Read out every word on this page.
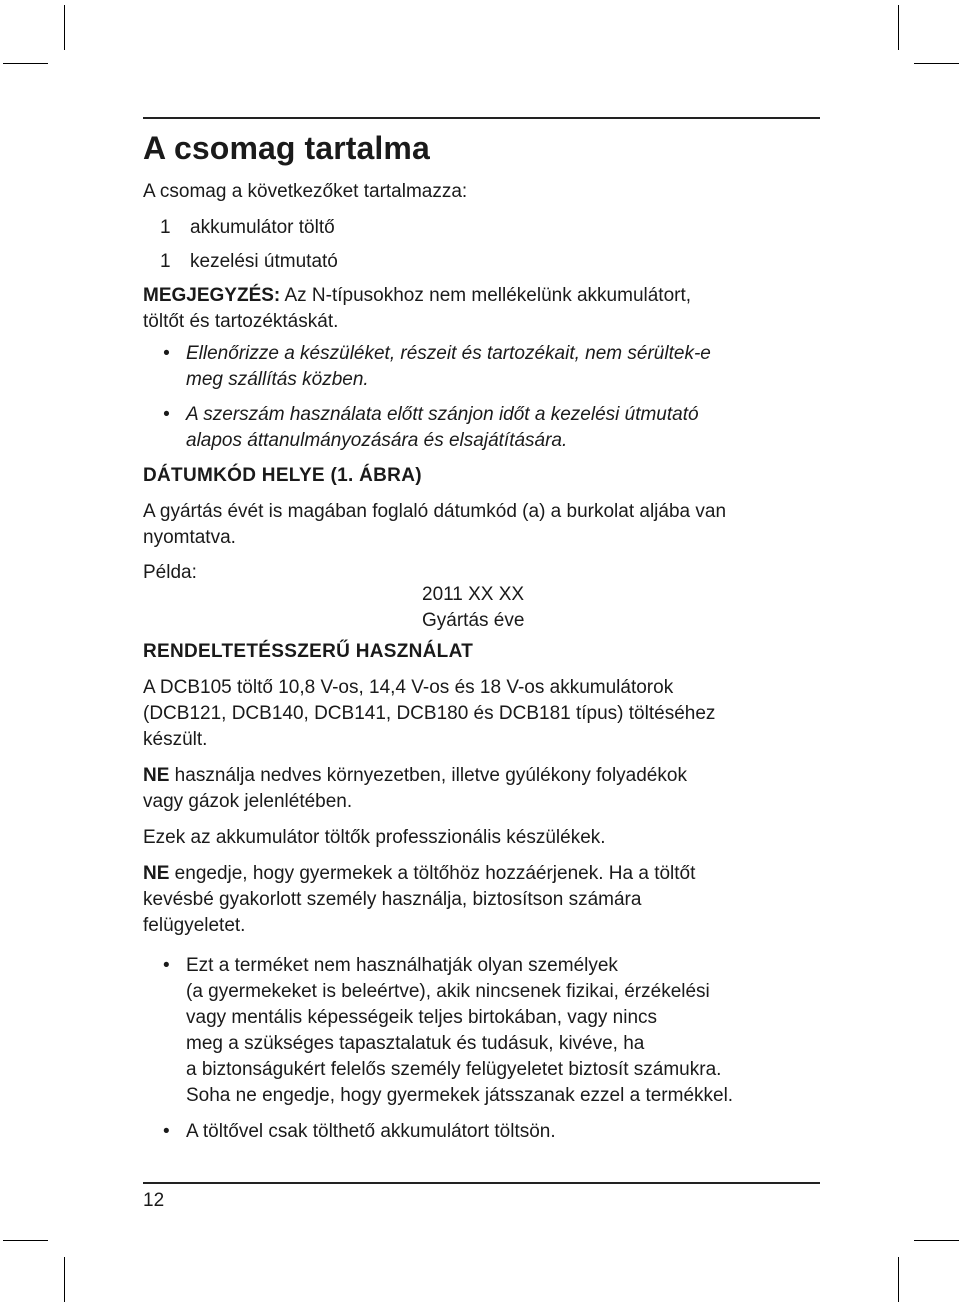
A csomag tartalma

A csomag a következőket tartalmazza:

1 akkumulátor töltő
1 kezelési útmutató

MEGJEGYZÉS: Az N-típusokhoz nem mellékelünk akkumulátort,
töltőt és tartozéktáskát.

• Ellenőrizze a készüléket, részeit és tartozékait, nem sérültek-e
meg szállítás közben.
• A szerszám használata előtt szánjon időt a kezelési útmutató
alapos áttanulmányozására és elsajátítására.
DÁTUMKÓD HELYE (1. ÁBRA)

A gyártás évét is magában foglaló dátumkód (a) a burkolat aljába van
nyomtatva.

Példa:

2011 XX XX
Gyártás éve
RENDELTETÉSSZERŰ HASZNÁLAT

A DCB105 töltő 10,8 V-os, 14,4 V-os és 18 V-os akkumulátorok
(DCB121, DCB140, DCB141, DCB180 és DCB181 típus) töltéséhez
készült.

NE használja nedves környezetben, illetve gyúlékony folyadékok
vagy gázok jelenlétében.

Ezek az akkumulátor töltők professzionális készülékek.

NE engedje, hogy gyermekek a töltőhöz hozzáérjenek. Ha a töltőt
kevésbé gyakorlott személy használja, biztosítson számára
felügyeletet.

• Ezt a terméket nem használhatják olyan személyek
(a gyermekeket is beleértve), akik nincsenek fizikai, érzékelési
vagy mentális képességeik teljes birtokában, vagy nincs
meg a szükséges tapasztalatuk és tudásuk, kivéve, ha
a biztonságukért felelős személy felügyeletet biztosít számukra.
Soha ne engedje, hogy gyermekek játsszanak ezzel a termékkel.
• A töltővel csak tölthető akkumulátort töltsön.
12
